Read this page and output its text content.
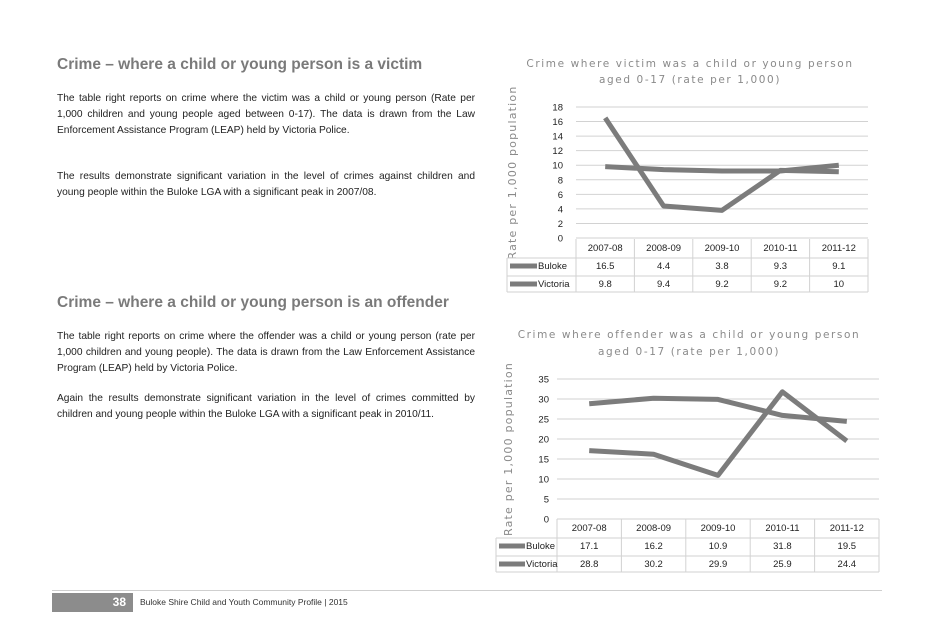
Crime – where a child or young person is a victim

The table right reports on crime where the victim was a child or young person (Rate per 1,000 children and young people aged between 0-17). The data is drawn from the Law Enforcement Assistance Program (LEAP) held by Victoria Police.

The results demonstrate significant variation in the level of crimes against children and young people within the Buloke LGA with a significant peak in 2007/08.

Crime – where a child or young person is an offender

The table right reports on crime where the offender was a child or young person (rate per 1,000 children and young people). The data is drawn from the Law Enforcement Assistance Program (LEAP) held by Victoria Police.

Again the results demonstrate significant variation in the level of crimes committed by children and young people within the Buloke LGA with a significant peak in 2010/11.

Crime where victim was a child or young person
aged 0-17 (rate per 1,000)
Rate per 1,000 population	0
2
4
6
8
10
12
14
16
18
2007-08 2008-09 2009-10	2010-11	2011-12
Buloke	16.5	4.4	3.8	9.3	9.1
Victoria	9.8	9.4	9.2	9.2	10
Crime where offender was a child or young person
aged 0-17 (rate per 1,000)
Rate per 1,000 population	0
5
10
15
20
25
30
35
2007-08	2008-09	2009-10	2010-11	2011-12
Buloke	17.1	16.2	10.9	31.8	19.5
Victoria 28.8	30.2	29.9	25.9	24.4
38 Buloke Shire Child and Youth Community Profile | 2015
